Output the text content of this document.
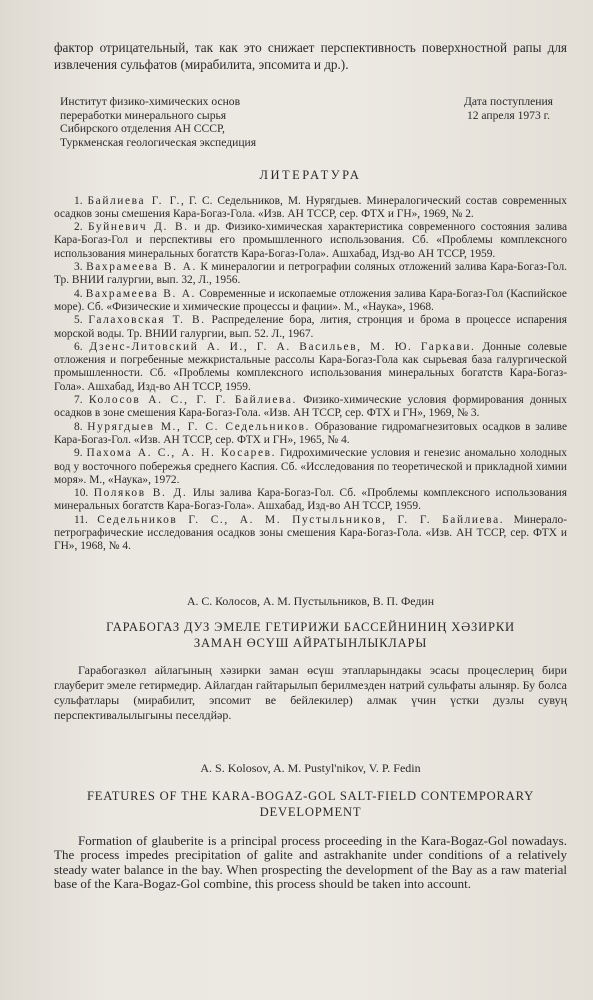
фактор отрицательный, так как это снижает перспективность поверхностной рапы для извлечения сульфатов (мирабилита, эпсомита и др.).

Институт физико-химических основ
переработки минерального сырья
Сибирского отделения АН СССР,
Туркменская геологическая экспедиция
Дата поступления
12 апреля 1973 г.
ЛИТЕРАТУРА

1. Байлиева Г. Г., Г. С. Седельников, М. Нурягдыев. Минералогический состав современных осадков зоны смешения Кара-Богаз-Гола. «Изв. АН ТССР, сер. ФТХ и ГН», 1969, № 2.

2. Буйневич Д. В. и др. Физико-химическая характеристика современного состояния залива Кара-Богаз-Гол и перспективы его промышленного использования. Сб. «Проблемы комплексного использования минеральных богатств Кара-Богаз-Гола». Ашхабад, Изд-во АН ТССР, 1959.

3. Вахрамеева В. А. К минералогии и петрографии соляных отложений залива Кара-Богаз-Гол. Тр. ВНИИ галургии, вып. 32, Л., 1956.

4. Вахрамеева В. А. Современные и ископаемые отложения залива Кара-Богаз-Гол (Каспийское море). Сб. «Физические и химические процессы и фации». М., «Наука», 1968.

5. Галаховская Т. В. Распределение бора, лития, стронция и брома в процессе испарения морской воды. Тр. ВНИИ галургии, вып. 52. Л., 1967.

6. Дзенс-Литовский А. И., Г. А. Васильев, М. Ю. Гаркави. Донные солевые отложения и погребенные межкристальные рассолы Кара-Богаз-Гола как сырьевая база галургической промышленности. Сб. «Проблемы комплексного использования минеральных богатств Кара-Богаз-Гола». Ашхабад, Изд-во АН ТССР, 1959.

7. Колосов А. С., Г. Г. Байлиева. Физико-химические условия формирования донных осадков в зоне смешения Кара-Богаз-Гола. «Изв. АН ТССР, сер. ФТХ и ГН», 1969, № 3.

8. Нурягдыев М., Г. С. Седельников. Образование гидромагнезитовых осадков в заливе Кара-Богаз-Гол. «Изв. АН ТССР, сер. ФТХ и ГН», 1965, № 4.

9. Пахома А. С., А. Н. Косарев. Гидрохимические условия и генезис аномально холодных вод у восточного побережья среднего Каспия. Сб. «Исследования по теоретической и прикладной химии моря». М., «Наука», 1972.

10. Поляков В. Д. Илы залива Кара-Богаз-Гол. Сб. «Проблемы комплексного использования минеральных богатств Кара-Богаз-Гола». Ашхабад, Изд-во АН ТССР, 1959.

11. Седельников Г. С., А. М. Пустыльников, Г. Г. Байлиева. Минерало-петрографические исследования осадков зоны смешения Кара-Богаз-Гола. «Изв. АН ТССР, сер. ФТХ и ГН», 1968, № 4.

А. С. Колосов, А. М. Пустыльников, В. П. Федин
ГАРАБОГАЗ ДУЗ ЭМЕЛЕ ГЕТИРИЖИ БАССЕЙНИНИҢ ХӘЗИРКИ
ЗАМАН ӨСҮШ АЙРАТЫНЛЫКЛАРЫ

Гарабогазкөл айлагының хәзирки заман өсүш этапларындакы эсасы процеслериң бири глауберит эмеле гетирмедир. Айлагдан гайтарылып берилмезден натрий сульфаты алыняр. Бу болса сульфатлары (мирабилит, эпсомит ве бейлекилер) алмак үчин үстки дузлы сувуң перспективалылыгыны песелдйәр.

A. S. Kolosov, A. M. Pustyl'nikov, V. P. Fedin
FEATURES OF THE KARA-BOGAZ-GOL SALT-FIELD CONTEMPORARY
DEVELOPMENT

Formation of glauberite is a principal process proceeding in the Kara-Bogaz-Gol nowadays. The process impedes precipitation of galite and astrakhanite under conditions of a relatively steady water balance in the bay. When prospecting the development of the Bay as a raw material base of the Kara-Bogaz-Gol combine, this process should be taken into account.
